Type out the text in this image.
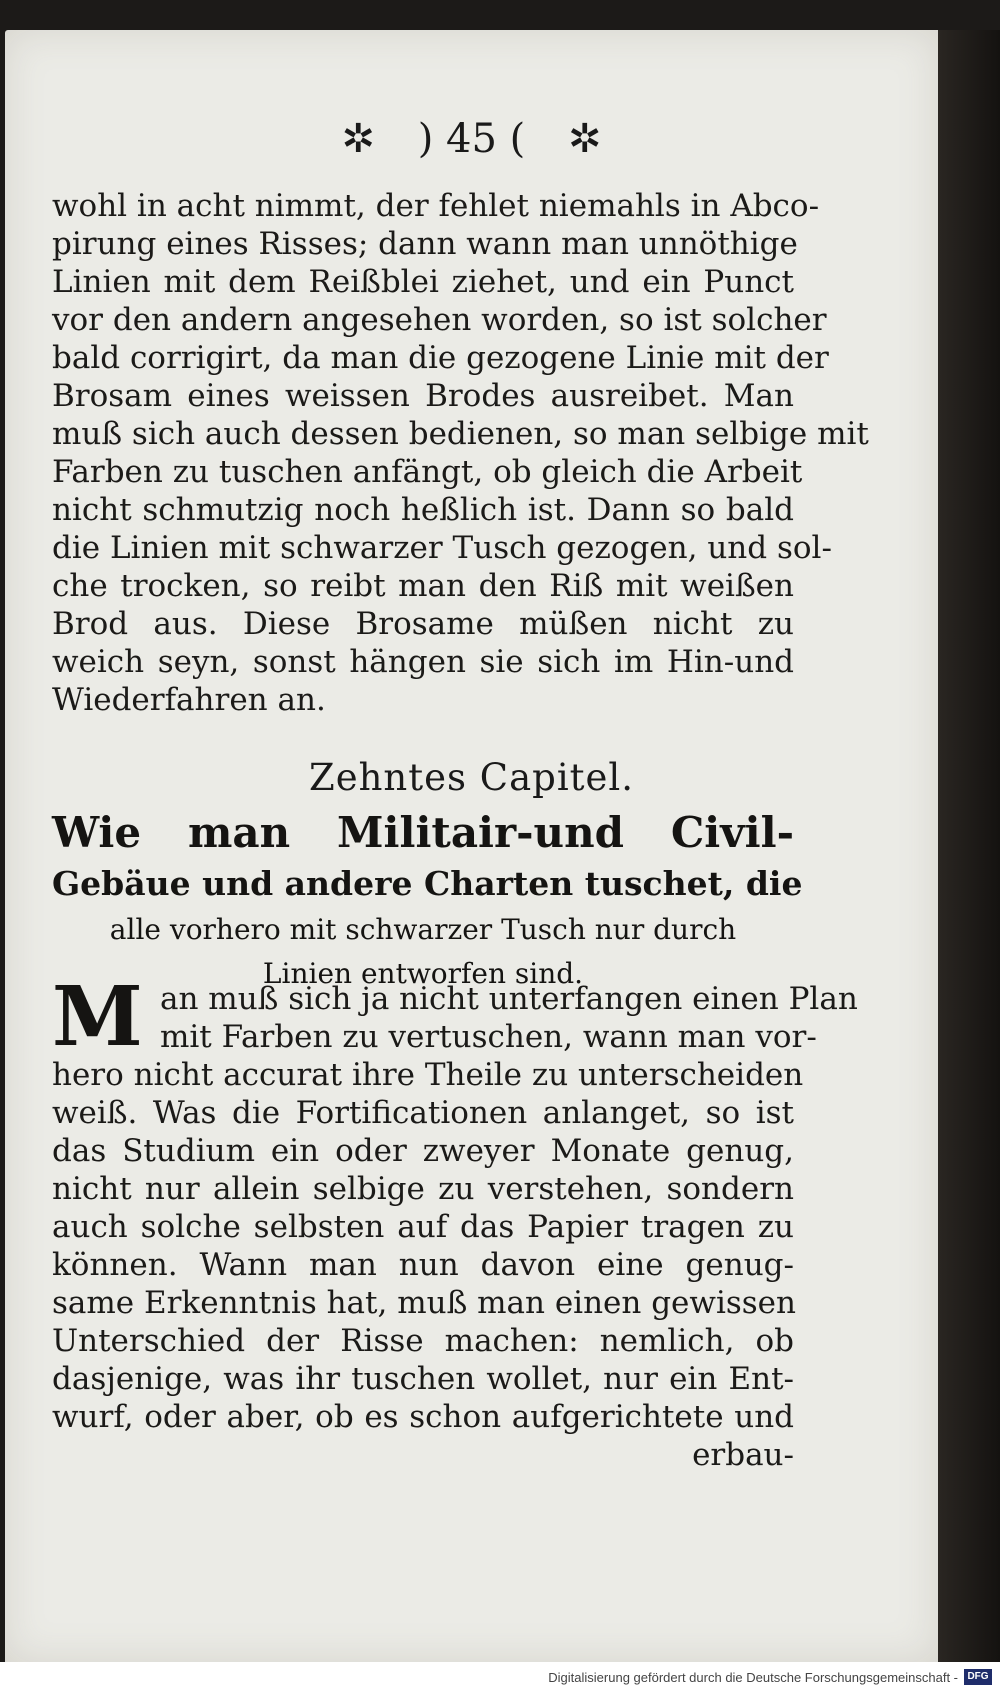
✲ ) 45 ( ✲
wohl in acht nimmt, der fehlet niemahls in Abco-
pirung eines Risses; dann wann man unnöthige
Linien mit dem Reißblei ziehet, und ein Punct
vor den andern angesehen worden, so ist solcher
bald corrigirt, da man die gezogene Linie mit der
Brosam eines weissen Brodes ausreibet. Man
muß sich auch dessen bedienen, so man selbige mit
Farben zu tuschen anfängt, ob gleich die Arbeit
nicht schmutzig noch heßlich ist. Dann so bald
die Linien mit schwarzer Tusch gezogen, und sol-
che trocken, so reibt man den Riß mit weißen
Brod aus. Diese Brosame müßen nicht zu
weich seyn, sonst hängen sie sich im Hin-und
Wiederfahren an.
Zehntes Capitel.
Wie man Militair-und Civil-
Gebäue und andere Charten tuschet, die
alle vorhero mit schwarzer Tusch nur durch
Linien entworfen sind.
M an muß sich ja nicht unterfangen einen Plan
mit Farben zu vertuschen, wann man vor-
hero nicht accurat ihre Theile zu unterscheiden
weiß. Was die Fortificationen anlanget, so ist
das Studium ein oder zweyer Monate genug,
nicht nur allein selbige zu verstehen, sondern
auch solche selbsten auf das Papier tragen zu
können. Wann man nun davon eine genug-
same Erkenntnis hat, muß man einen gewissen
Unterschied der Risse machen: nemlich, ob
dasjenige, was ihr tuschen wollet, nur ein Ent-
wurf, oder aber, ob es schon aufgerichtete und
erbau-
Digitalisierung gefördert durch die Deutsche Forschungsgemeinschaft - DFG
